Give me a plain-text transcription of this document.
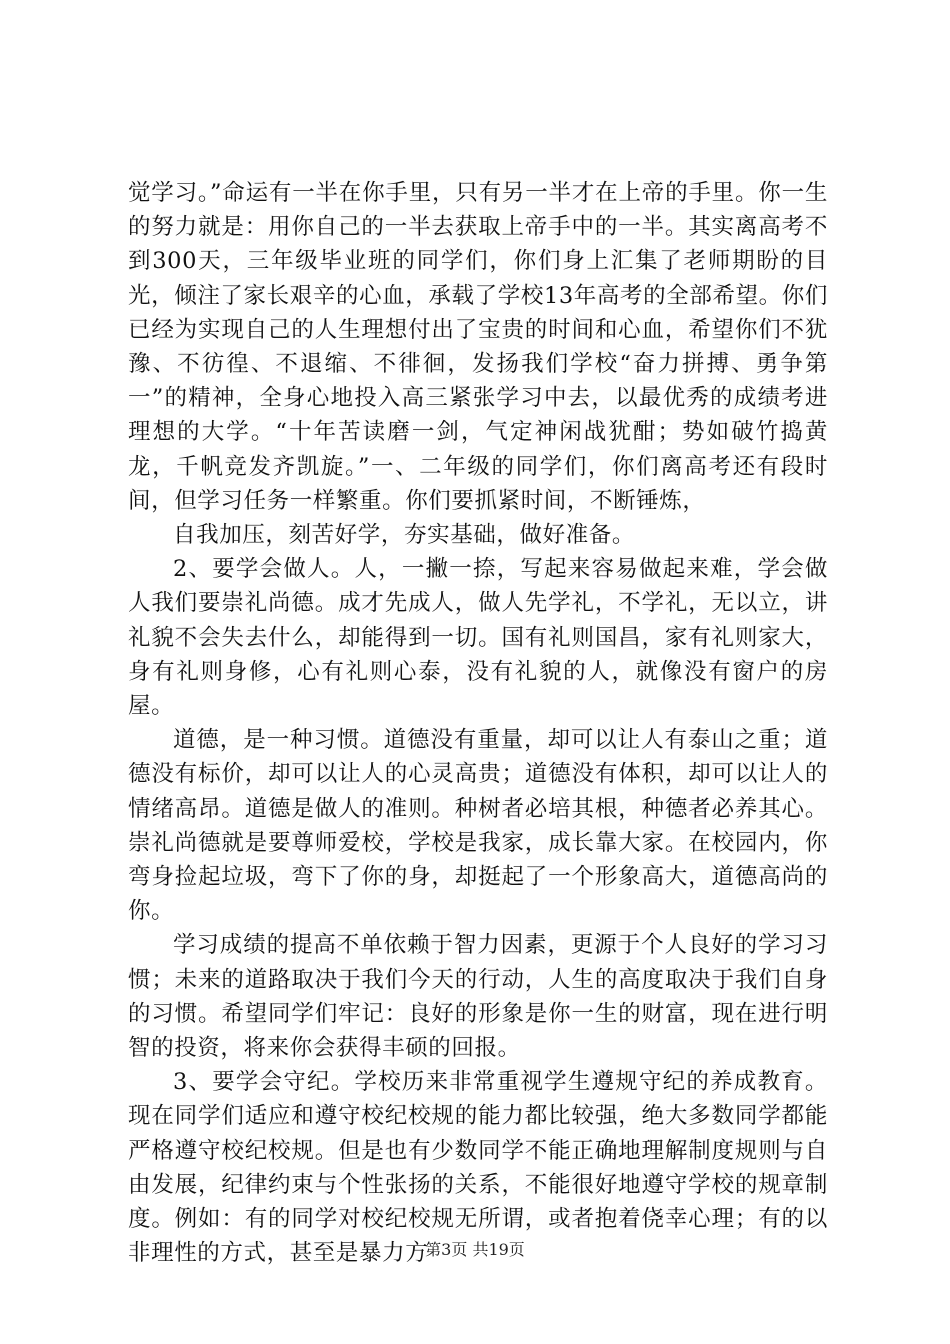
觉学习。”命运有一半在你手里，只有另一半才在上帝的手里。你一生的努力就是：用你自己的一半去获取上帝手中的一半。其实离高考不到300天，三年级毕业班的同学们，你们身上汇集了老师期盼的目光，倾注了家长艰辛的心血，承载了学校13年高考的全部希望。你们已经为实现自己的人生理想付出了宝贵的时间和心血，希望你们不犹豫、不彷徨、不退缩、不徘徊，发扬我们学校“奋力拼搏、勇争第一”的精神，全身心地投入高三紧张学习中去，以最优秀的成绩考进理想的大学。“十年苦读磨一剑，气定神闲战犹酣；势如破竹捣黄龙，千帆竞发齐凯旋。”一、二年级的同学们，你们离高考还有段时间，但学习任务一样繁重。你们要抓紧时间，不断锤炼，

自我加压，刻苦好学，夯实基础，做好准备。

2、要学会做人。人，一撇一捺，写起来容易做起来难，学会做人我们要崇礼尚德。成才先成人，做人先学礼，不学礼，无以立，讲礼貌不会失去什么，却能得到一切。国有礼则国昌，家有礼则家大，身有礼则身修，心有礼则心泰，没有礼貌的人，就像没有窗户的房屋。

道德，是一种习惯。道德没有重量，却可以让人有泰山之重；道德没有标价，却可以让人的心灵高贵；道德没有体积，却可以让人的情绪高昂。道德是做人的准则。种树者必培其根，种德者必养其心。崇礼尚德就是要尊师爱校，学校是我家，成长靠大家。在校园内，你弯身捡起垃圾，弯下了你的身，却挺起了一个形象高大，道德高尚的你。

学习成绩的提高不单依赖于智力因素，更源于个人良好的学习习惯；未来的道路取决于我们今天的行动，人生的高度取决于我们自身的习惯。希望同学们牢记：良好的形象是你一生的财富，现在进行明智的投资，将来你会获得丰硕的回报。

3、要学会守纪。学校历来非常重视学生遵规守纪的养成教育。现在同学们适应和遵守校纪校规的能力都比较强，绝大多数同学都能严格遵守校纪校规。但是也有少数同学不能正确地理解制度规则与自由发展，纪律约束与个性张扬的关系，不能很好地遵守学校的规章制度。例如：有的同学对校纪校规无所谓，或者抱着侥幸心理；有的以非理性的方式，甚至是暴力方

第3页 共19页
